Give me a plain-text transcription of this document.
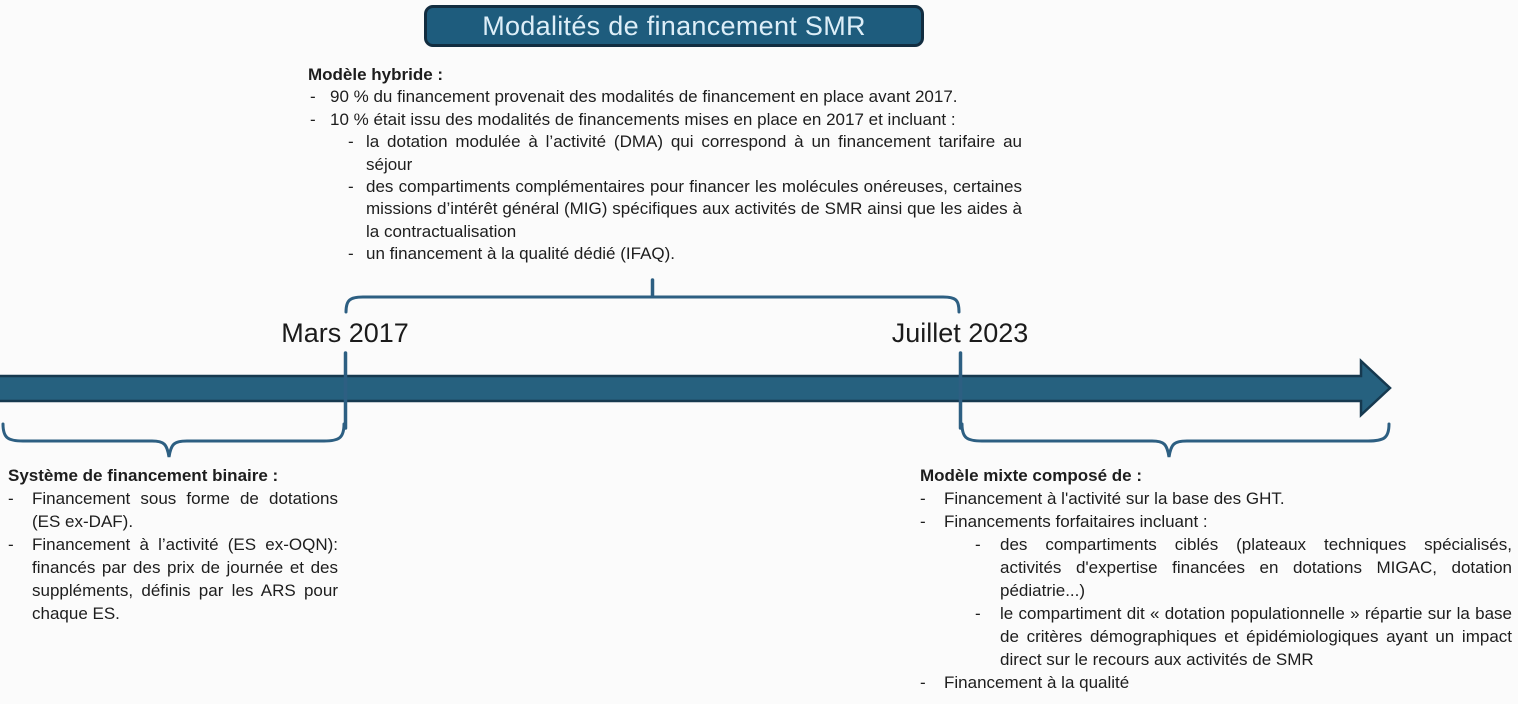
Modalités de financement SMR

Modèle hybride :

- 90 % du financement provenait des modalités de financement en place avant 2017.
- 10 % était issu des modalités de financements mises en place en 2017 et incluant :
- la dotation modulée à l’activité (DMA) qui correspond à un financement tarifaire au séjour
- des compartiments complémentaires pour financer les molécules onéreuses, certaines missions d’intérêt général (MIG) spécifiques aux activités de SMR ainsi que les aides à la contractualisation
- un financement à la qualité dédié (IFAQ).
Mars 2017	Juillet 2023

Système de financement binaire :

-	Financement sous forme de dotations (ES ex-DAF).
-	Financement à l’activité (ES ex-OQN): financés par des prix de journée et des suppléments, définis par les ARS pour chaque ES.

Modèle mixte composé de :

-	Financement à l'activité sur la base des GHT.
-	Financements forfaitaires incluant :
-	des compartiments ciblés (plateaux techniques spécialisés, activités d'expertise financées en dotations MIGAC, dotation pédiatrie...)
-	le compartiment dit « dotation populationnelle » répartie sur la base de critères démographiques et épidémiologiques ayant un impact direct sur le recours aux activités de SMR
-	Financement à la qualité
